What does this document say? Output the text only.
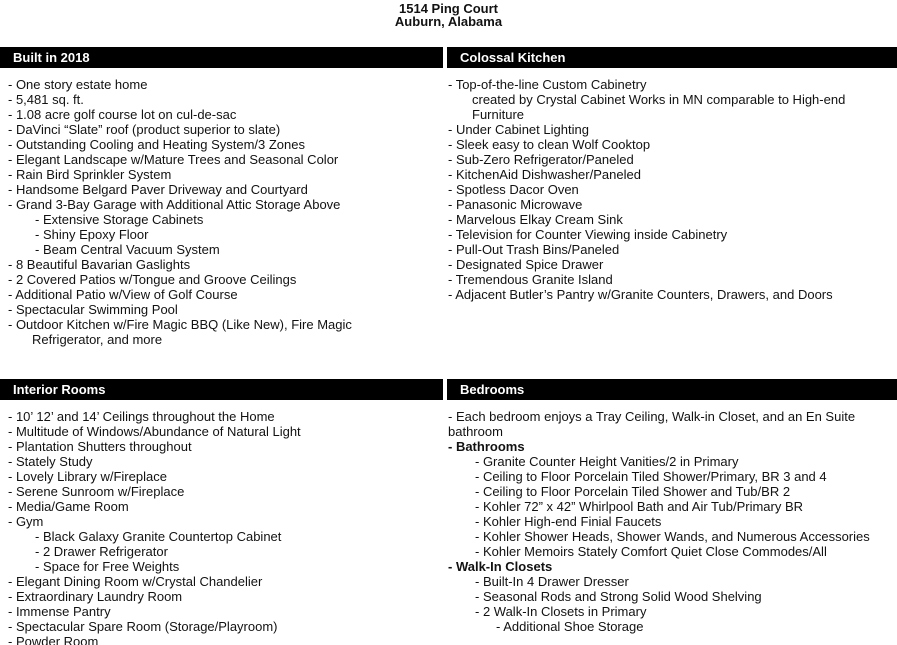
1514 Ping Court
Auburn, Alabama
Built in 2018
- One story estate home
- 5,481 sq. ft.
- 1.08 acre golf course lot on cul-de-sac
- DaVinci “Slate” roof (product superior to slate)
- Outstanding Cooling and Heating System/3 Zones
- Elegant Landscape w/Mature Trees and Seasonal Color
- Rain Bird Sprinkler System
- Handsome Belgard Paver Driveway and Courtyard
- Grand 3-Bay Garage with Additional Attic Storage Above
- Extensive Storage Cabinets
- Shiny Epoxy Floor
- Beam Central Vacuum System
- 8 Beautiful Bavarian Gaslights
- 2 Covered Patios w/Tongue and Groove Ceilings
- Additional Patio w/View of Golf Course
- Spectacular Swimming Pool
- Outdoor Kitchen w/Fire Magic BBQ (Like New), Fire Magic
Refrigerator, and more
Colossal Kitchen
- Top-of-the-line Custom Cabinetry
created by Crystal Cabinet Works in MN comparable to High-end
Furniture
- Under Cabinet Lighting
- Sleek easy to clean Wolf Cooktop
- Sub-Zero Refrigerator/Paneled
- KitchenAid Dishwasher/Paneled
- Spotless Dacor Oven
- Panasonic Microwave
- Marvelous Elkay Cream Sink
- Television for Counter Viewing inside Cabinetry
- Pull-Out Trash Bins/Paneled
- Designated Spice Drawer
- Tremendous Granite Island
- Adjacent Butler’s Pantry w/Granite Counters, Drawers, and Doors
Interior Rooms
- 10’ 12’ and 14’ Ceilings throughout the Home
- Multitude of Windows/Abundance of Natural Light
- Plantation Shutters throughout
- Stately Study
- Lovely Library w/Fireplace
- Serene Sunroom w/Fireplace
- Media/Game Room
- Gym
- Black Galaxy Granite Countertop Cabinet
- 2 Drawer Refrigerator
- Space for Free Weights
- Elegant Dining Room w/Crystal Chandelier
- Extraordinary Laundry Room
- Immense Pantry
- Spectacular Spare Room (Storage/Playroom)
- Powder Room
Bedrooms
- Each bedroom enjoys a Tray Ceiling, Walk-in Closet, and an En Suite
bathroom
- Bathrooms
- Granite Counter Height Vanities/2 in Primary
- Ceiling to Floor Porcelain Tiled Shower/Primary, BR 3 and 4
- Ceiling to Floor Porcelain Tiled Shower and Tub/BR 2
- Kohler 72” x 42” Whirlpool Bath and Air Tub/Primary BR
- Kohler High-end Finial Faucets
- Kohler Shower Heads, Shower Wands, and Numerous Accessories
- Kohler Memoirs Stately Comfort Quiet Close Commodes/All
- Walk-In Closets
- Built-In 4 Drawer Dresser
- Seasonal Rods and Strong Solid Wood Shelving
- 2 Walk-In Closets in Primary
- Additional Shoe Storage
